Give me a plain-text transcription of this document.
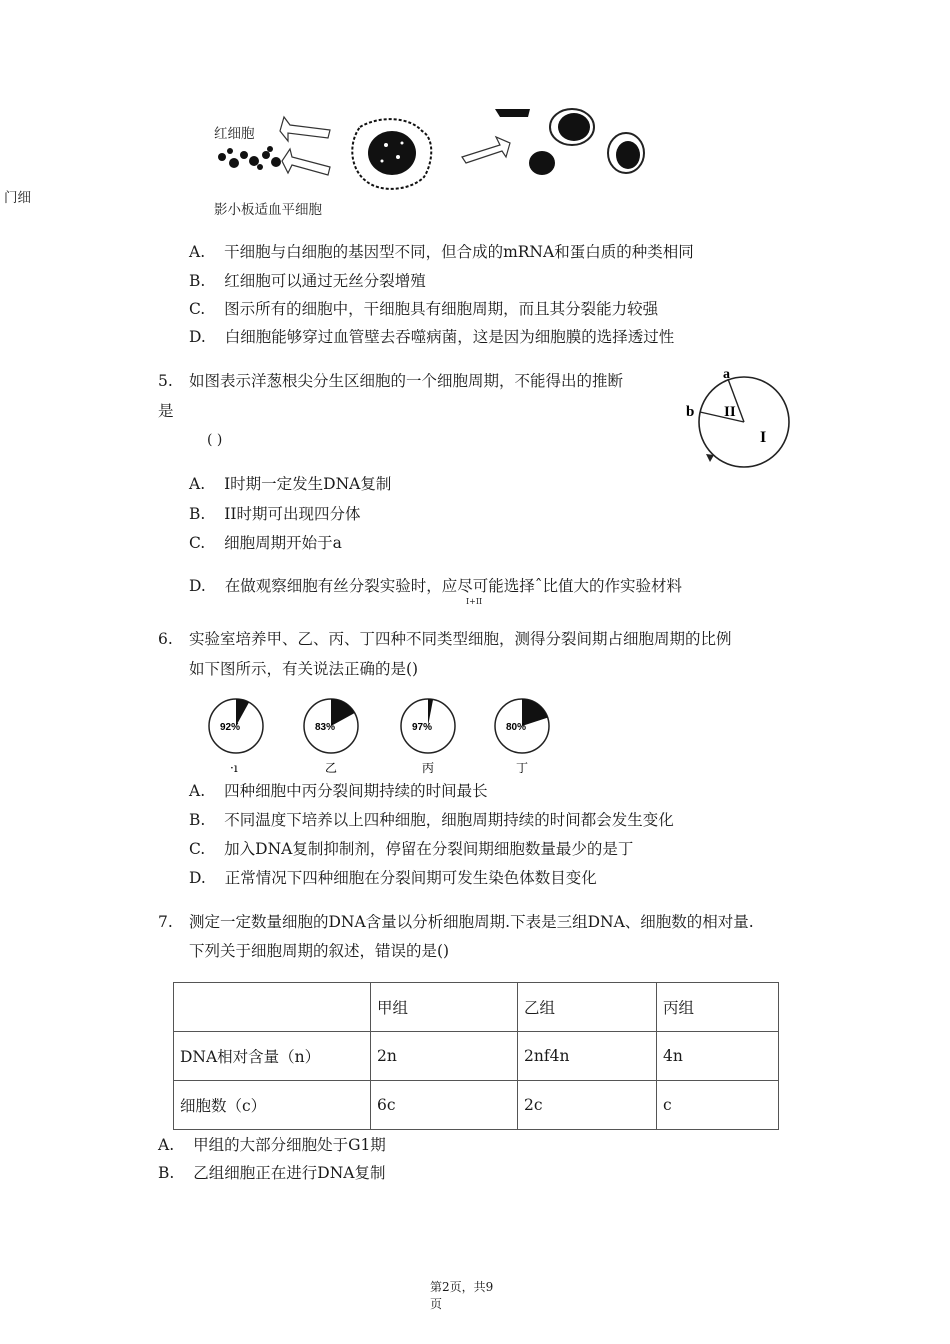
门细
红细胞
影小板适血平细胞
A. 干细胞与白细胞的基因型不同，但合成的mRNA和蛋白质的种类相同
B. 红细胞可以通过无丝分裂增殖
C. 图示所有的细胞中，干细胞具有细胞周期，而且其分裂能力较强
D. 白细胞能够穿过血管壁去吞噬病菌，这是因为细胞膜的选择透过性
5. 如图表示洋葱根尖分生区细胞的一个细胞周期，不能得出的推断
是
( )
a
b II
I
A. I时期一定发生DNA复制
B. II时期可出现四分体
C. 细胞周期开始于a
D. 在做观察细胞有丝分裂实验时，应尽可能选择ˆ比值大的作实验材料
I+II
6. 实验室培养甲、乙、丙、丁四种不同类型细胞，测得分裂间期占细胞周期的比例
如下图所示，有关说法正确的是()
92%
·ı
83%
乙
97%
丙
80%
丁
A. 四种细胞中丙分裂间期持续的时间最长
B. 不同温度下培养以上四种细胞，细胞周期持续的时间都会发生变化
C. 加入DNA复制抑制剂，停留在分裂间期细胞数量最少的是丁
D. 正常情况下四种细胞在分裂间期可发生染色体数目变化
7. 测定一定数量细胞的DNA含量以分析细胞周期.下表是三组DNA、细胞数的相对量.
下列关于细胞周期的叙述，错误的是()
	甲组	乙组	丙组
DNA相对含量（n）	2n	2nf4n	4n
细胞数（c）	6c	2c	c
A. 甲组的大部分细胞处于G1期
B. 乙组细胞正在进行DNA复制
第2页，共9
页
